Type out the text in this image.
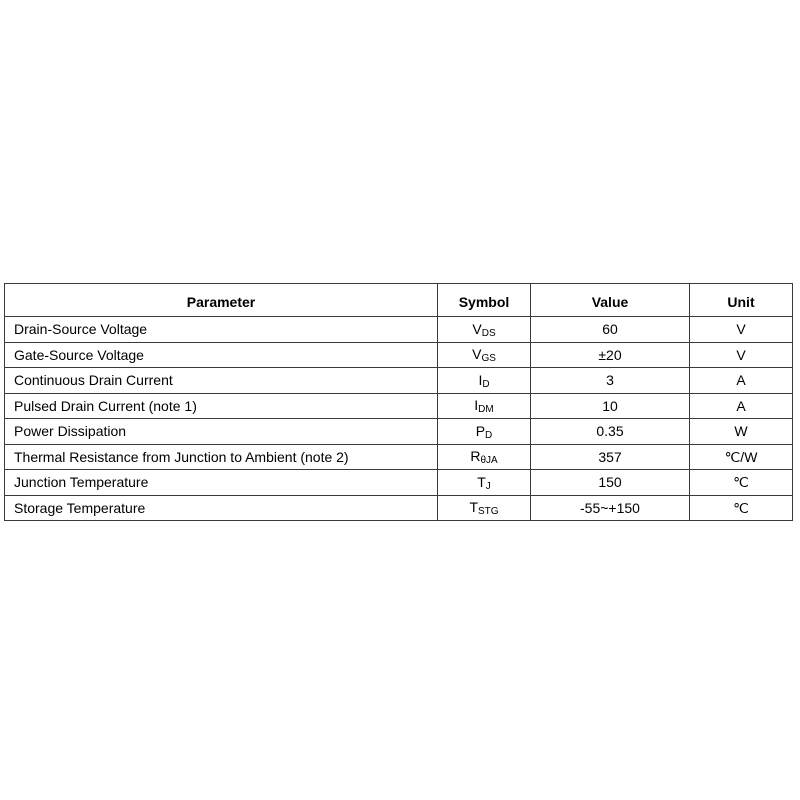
Parameter	Symbol	Value	Unit
Drain-Source Voltage	VDS	60	V
Gate-Source Voltage	VGS	±20	V
Continuous Drain Current	ID	3	A
Pulsed Drain Current (note 1)	IDM	10	A
Power Dissipation	PD	0.35	W
Thermal Resistance from Junction to Ambient (note 2)	RθJA	357	℃/W
Junction Temperature	TJ	150	℃
Storage Temperature	TSTG	-55~+150	℃
